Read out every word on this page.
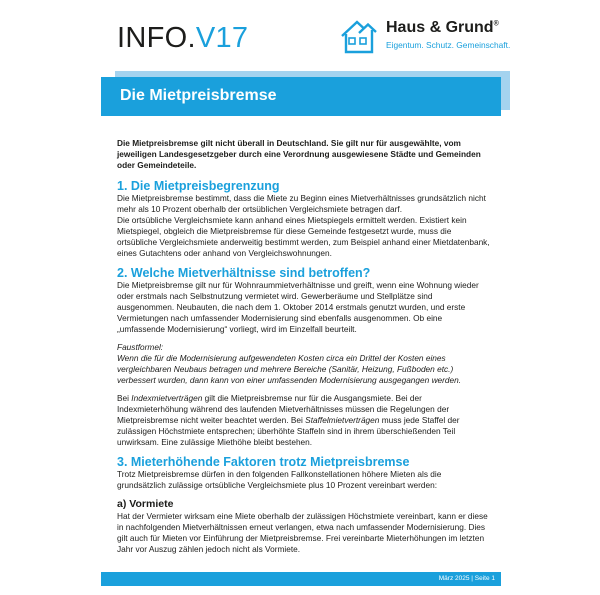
INFO.V17	Haus & Grund®
Eigentum. Schutz. Gemeinschaft.
Die Mietpreisbremse

Die Mietpreisbremse gilt nicht überall in Deutschland. Sie gilt nur für ausgewählte, vom jeweiligen Landesgesetzgeber durch eine Verordnung ausgewiesene Städte und Gemeinden oder Gemeindeteile.

1. Die Mietpreisbegrenzung

Die Mietpreisbremse bestimmt, dass die Miete zu Beginn eines Mietverhältnisses grundsätzlich nicht mehr als 10 Prozent oberhalb der ortsüblichen Vergleichsmiete betragen darf.

Die ortsübliche Vergleichsmiete kann anhand eines Mietspiegels ermittelt werden. Existiert kein Mietspiegel, obgleich die Mietpreisbremse für diese Gemeinde festgesetzt wurde, muss die ortsübliche Vergleichsmiete anderweitig bestimmt werden, zum Beispiel anhand einer Mietdatenbank, eines Gutachtens oder anhand von Vergleichswohnungen.

2. Welche Mietverhältnisse sind betroffen?

Die Mietpreisbremse gilt nur für Wohnraummietverhältnisse und greift, wenn eine Wohnung wieder oder erstmals nach Selbstnutzung vermietet wird. Gewerberäume und Stellplätze sind ausgenommen. Neubauten, die nach dem 1. Oktober 2014 erstmals genutzt wurden, und erste Vermietungen nach umfassender Modernisierung sind ebenfalls ausgenommen. Ob eine „umfassende Modernisierung“ vorliegt, wird im Einzelfall beurteilt.

Faustformel:

Wenn die für die Modernisierung aufgewendeten Kosten circa ein Drittel der Kosten eines vergleichbaren Neubaus betragen und mehrere Bereiche (Sanitär, Heizung, Fußboden etc.) verbessert wurden, dann kann von einer umfassenden Modernisierung ausgegangen werden.

Bei Indexmietverträgen gilt die Mietpreisbremse nur für die Ausgangsmiete. Bei der Indexmieterhöhung während des laufenden Mietverhältnisses müssen die Regelungen der Mietpreisbremse nicht weiter beachtet werden. Bei Staffelmietverträgen muss jede Staffel der zulässigen Höchstmiete entsprechen; überhöhte Staffeln sind in ihrem überschießenden Teil unwirksam. Eine zulässige Miethöhe bleibt bestehen.

3. Mieterhöhende Faktoren trotz Mietpreisbremse

Trotz Mietpreisbremse dürfen in den folgenden Fallkonstellationen höhere Mieten als die grundsätzlich zulässige ortsübliche Vergleichsmiete plus 10 Prozent vereinbart werden:

a) Vormiete

Hat der Vermieter wirksam eine Miete oberhalb der zulässigen Höchstmiete vereinbart, kann er diese in nachfolgenden Mietverhältnissen erneut verlangen, etwa nach umfassender Modernisierung. Dies gilt auch für Mieten vor Einführung der Mietpreisbremse. Frei vereinbarte Mieterhöhungen im letzten Jahr vor Auszug zählen jedoch nicht als Vormiete.

März 2025 | Seite 1
